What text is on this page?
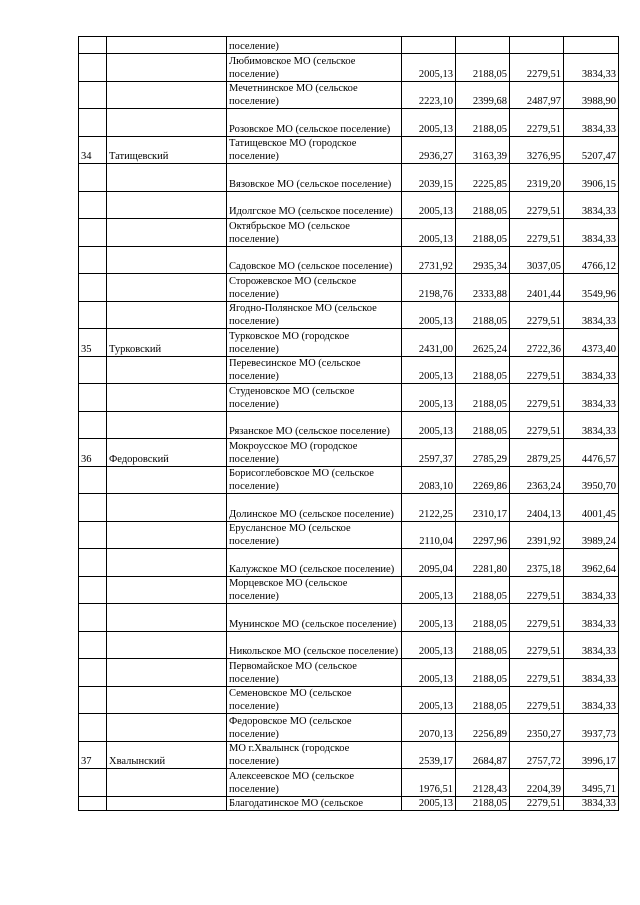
		поселение)				
		Любимовское МО (сельское поселение)	2005,13	2188,05	2279,51	3834,33
		Мечетнинское МО (сельское поселение)	2223,10	2399,68	2487,97	3988,90
		Розовское МО (сельское поселение)	2005,13	2188,05	2279,51	3834,33
34	Татищевский	Татищевское МО (городское поселение)	2936,27	3163,39	3276,95	5207,47
		Вязовское МО (сельское поселение)	2039,15	2225,85	2319,20	3906,15
		Идолгское МО (сельское поселение)	2005,13	2188,05	2279,51	3834,33
		Октябрьское МО (сельское поселение)	2005,13	2188,05	2279,51	3834,33
		Садовское МО (сельское поселение)	2731,92	2935,34	3037,05	4766,12
		Сторожевское МО (сельское поселение)	2198,76	2333,88	2401,44	3549,96
		Ягодно-Полянское МО (сельское поселение)	2005,13	2188,05	2279,51	3834,33
35	Турковский	Турковское МО (городское поселение)	2431,00	2625,24	2722,36	4373,40
		Перевесинское МО (сельское поселение)	2005,13	2188,05	2279,51	3834,33
		Студеновское МО (сельское поселение)	2005,13	2188,05	2279,51	3834,33
		Рязанское МО (сельское поселение)	2005,13	2188,05	2279,51	3834,33
36	Федоровский	Мокроусское МО (городское поселение)	2597,37	2785,29	2879,25	4476,57
		Борисоглебовское МО (сельское поселение)	2083,10	2269,86	2363,24	3950,70
		Долинское МО (сельское поселение)	2122,25	2310,17	2404,13	4001,45
		Еруслансное МО (сельское поселение)	2110,04	2297,96	2391,92	3989,24
		Калужское МО (сельское поселение)	2095,04	2281,80	2375,18	3962,64
		Морцевское МО (сельское поселение)	2005,13	2188,05	2279,51	3834,33
		Мунинское МО (сельское поселение)	2005,13	2188,05	2279,51	3834,33
		Никольское МО (сельское поселение)	2005,13	2188,05	2279,51	3834,33
		Первомайское МО (сельское поселение)	2005,13	2188,05	2279,51	3834,33
		Семеновское МО (сельское поселение)	2005,13	2188,05	2279,51	3834,33
		Федоровское МО (сельское поселение)	2070,13	2256,89	2350,27	3937,73
37	Хвалынский	МО г.Хвалынск (городское поселение)	2539,17	2684,87	2757,72	3996,17
		Алексеевское МО (сельское поселение)	1976,51	2128,43	2204,39	3495,71
		Благодатинское МО (сельское	2005,13	2188,05	2279,51	3834,33
